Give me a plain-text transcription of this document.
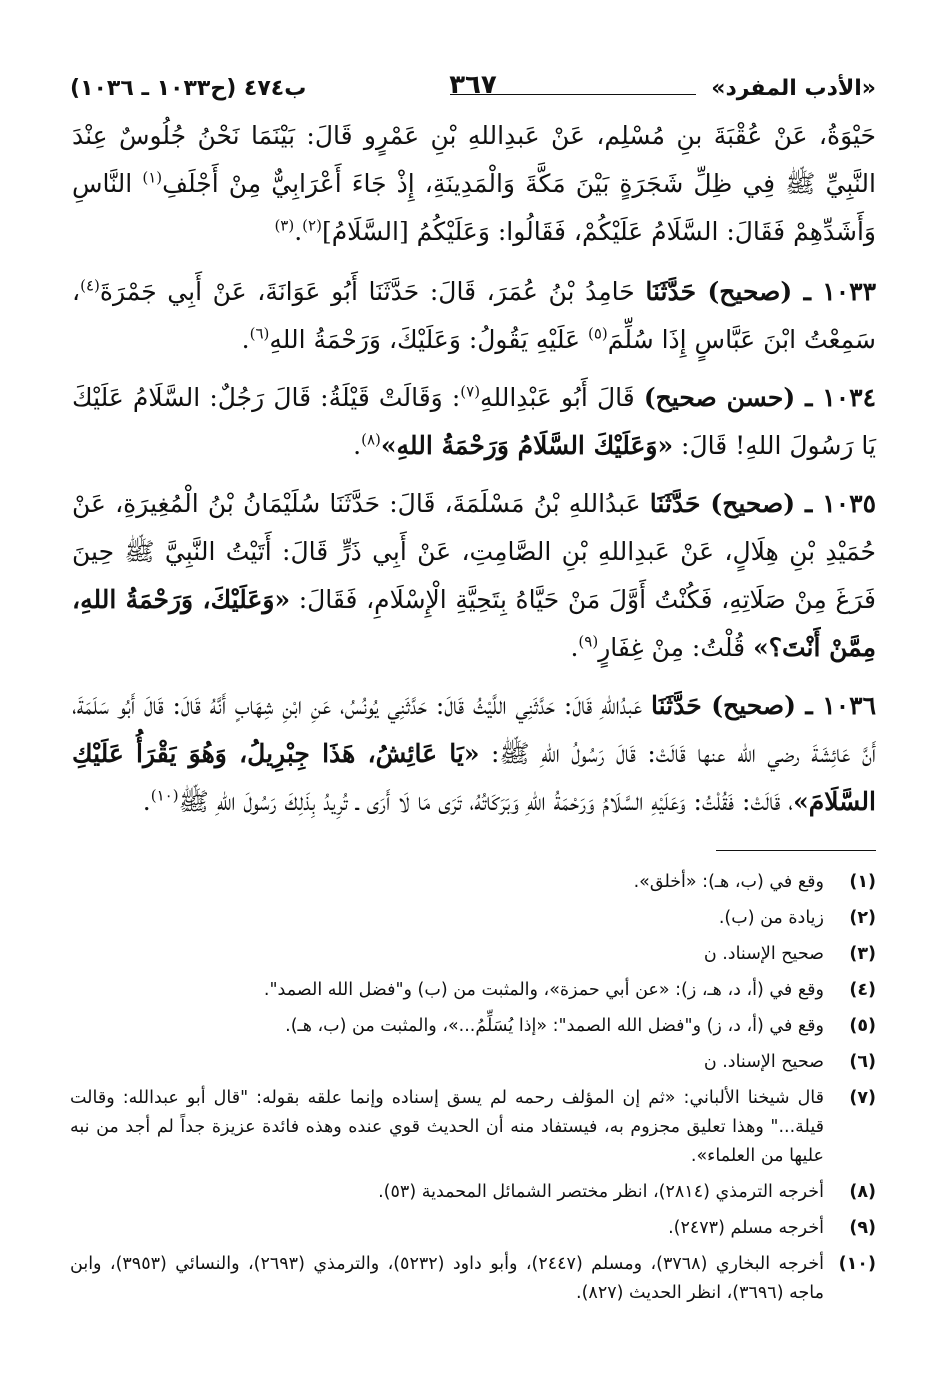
«الأدب المفرد»
٣٦٧
ب٤٧٤ (ح١٠٣٣ ـ ١٠٣٦)

حَيْوَةُ، عَنْ عُقْبَةَ بنِ مُسْلِم، عَنْ عَبدِاللهِ بْنِ عَمْرٍو قَالَ: بَيْنَمَا نَحْنُ جُلُوسٌ عِنْدَ النَّبِيِّ ﷺ فِي ظِلِّ شَجَرَةٍ بَيْنَ مَكَّةَ وَالْمَدِينَةِ، إِذْ جَاءَ أَعْرَابِيٌّ مِنْ أَجْلَفِ$^{(١)}$ النَّاسِ وَأَشَدِّهِمْ فَقَالَ: السَّلَامُ عَلَيْكُمْ، فَقَالُوا: وَعَلَيْكُمُ [السَّلَامُ]$^{(٢)}$.$^{(٣)}$

١٠٣٣ ـ (صحيح) حَدَّثَنَا حَامِدُ بْنُ عُمَرَ، قَالَ: حَدَّثَنَا أَبُو عَوَانَةَ، عَنْ أَبِي جَمْرَةَ$^{(٤)}$، سَمِعْتُ ابْنَ عَبَّاسٍ إِذَا سُلِّمَ$^{(٥)}$ عَلَيْهِ يَقُولُ: وَعَلَيْكَ، وَرَحْمَةُ اللهِ$^{(٦)}$.

١٠٣٤ ـ (حسن صحيح) قَالَ أَبُو عَبْدِاللهِ$^{(٧)}$: وَقَالَتْ قَيْلَةُ: قَالَ رَجُلٌ: السَّلَامُ عَلَيْكَ يَا رَسُولَ اللهِ! قَالَ: «وَعَلَيْكَ السَّلَامُ وَرَحْمَةُ اللهِ»$^{(٨)}$.

١٠٣٥ ـ (صحيح) حَدَّثَنَا عَبدُاللهِ بْنُ مَسْلَمَةَ، قَالَ: حَدَّثَنَا سُلَيْمَانُ بْنُ الْمُغِيرَةِ، عَنْ حُمَيْدِ بْنِ هِلَالٍ، عَنْ عَبدِاللهِ بْنِ الصَّامِتِ، عَنْ أَبِي ذَرٍّ قَالَ: أَتَيْتُ النَّبِيَّ ﷺ حِينَ فَرَغَ مِنْ صَلَاتِهِ، فَكُنْتُ أَوَّلَ مَنْ حَيَّاهُ بِتَحِيَّةِ الْإِسْلَامِ، فَقَالَ: «وَعَلَيْكَ، وَرَحْمَةُ اللهِ، مِمَّنْ أَنْتَ؟» قُلْتُ: مِنْ غِفَارٍ$^{(٩)}$.

١٠٣٦ ـ (صحيح) حَدَّثَنَا عَبدُاللهِ قَالَ: حَدَّثَنِي اللَّيْثُ قَالَ: حَدَّثَنِي يُونُسُ، عَنِ ابْنِ شِهَابٍ أَنَّهُ قَالَ: قَالَ أَبُو سَلَمَةَ، أَنَّ عَائِشَةَ رضي الله عنها قَالَتْ: قَالَ رَسُولُ اللهِ ﷺ: «يَا عَائِشُ، هَذَا جِبْرِيلُ، وَهُوَ يَقْرَأُ عَلَيْكِ السَّلَامَ»، قَالَتْ: فَقُلْتُ: وَعَلَيْهِ السَّلَامُ وَرَحْمَةُ اللهِ وَبَرَكَاتُهُ، تَرَى مَا لَا أَرَى ـ تُرِيدُ بِذَلِكَ رَسُولَ اللهِ ﷺ$^{(١٠)}$.

(١)
وقع في (ب، هـ): «أخلق».
(٢)
زيادة من (ب).
(٣)
صحيح الإسناد. ن
(٤)
وقع في (أ، د، هـ، ز): «عن أبي حمزة»، والمثبت من (ب) و"فضل الله الصمد".
(٥)
وقع في (أ، د، ز) و"فضل الله الصمد": «إذا يُسَلِّمُ...»، والمثبت من (ب، هـ).
(٦)
صحيح الإسناد. ن
(٧)
قال شيخنا الألباني: «ثم إن المؤلف رحمه لم يسق إسناده وإنما علقه بقوله: "قال أبو عبدالله: وقالت قيلة..." وهذا تعليق مجزوم به، فيستفاد منه أن الحديث قوي عنده وهذه فائدة عزيزة جداً لم أجد من نبه عليها من العلماء».
(٨)
أخرجه الترمذي (٢٨١٤)، انظر مختصر الشمائل المحمدية (٥٣).
(٩)
أخرجه مسلم (٢٤٧٣).
(١٠)
أخرجه البخاري (٣٧٦٨)، ومسلم (٢٤٤٧)، وأبو داود (٥٢٣٢)، والترمذي (٢٦٩٣)، والنسائي (٣٩٥٣)، وابن ماجه (٣٦٩٦)، انظر الحديث (٨٢٧).
